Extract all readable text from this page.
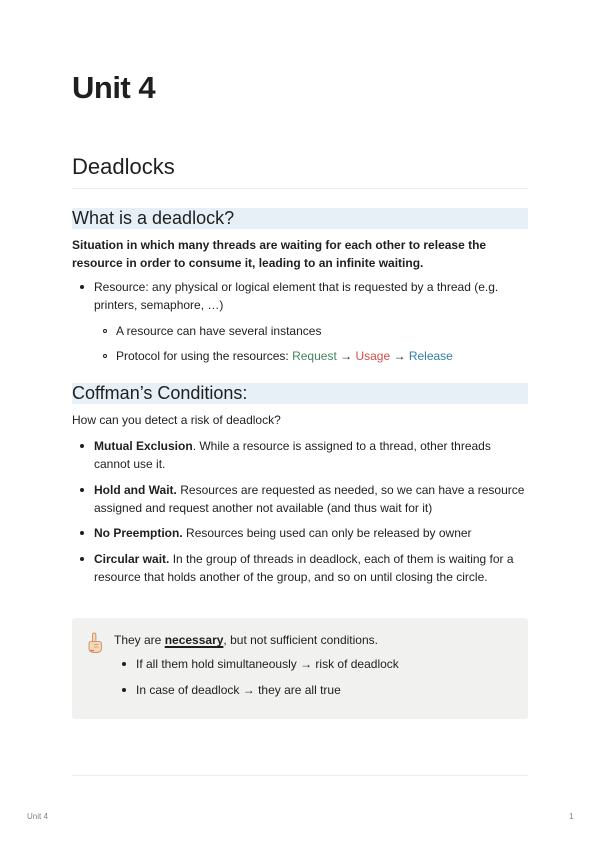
Unit 4
Deadlocks
What is a deadlock?

Situation in which many threads are waiting for each other to release the resource in order to consume it, leading to an infinite waiting.

Resource: any physical or logical element that is requested by a thread (e.g. printers, semaphore, …)
A resource can have several instances
Protocol for using the resources: Request → Usage → Release
Coffman’s Conditions:
How can you detect a risk of deadlock?
Mutual Exclusion. While a resource is assigned to a thread, other threads cannot use it.
Hold and Wait. Resources are requested as needed, so we can have a resource assigned and request another not available (and thus wait for it)
No Preemption. Resources being used can only be released by owner
Circular wait. In the group of threads in deadlock, each of them is waiting for a resource that holds another of the group, and so on until closing the circle.
They are necessary, but not sufficient conditions.
If all them hold simultaneously → risk of deadlock
In case of deadlock → they are all true
Unit 4	1
